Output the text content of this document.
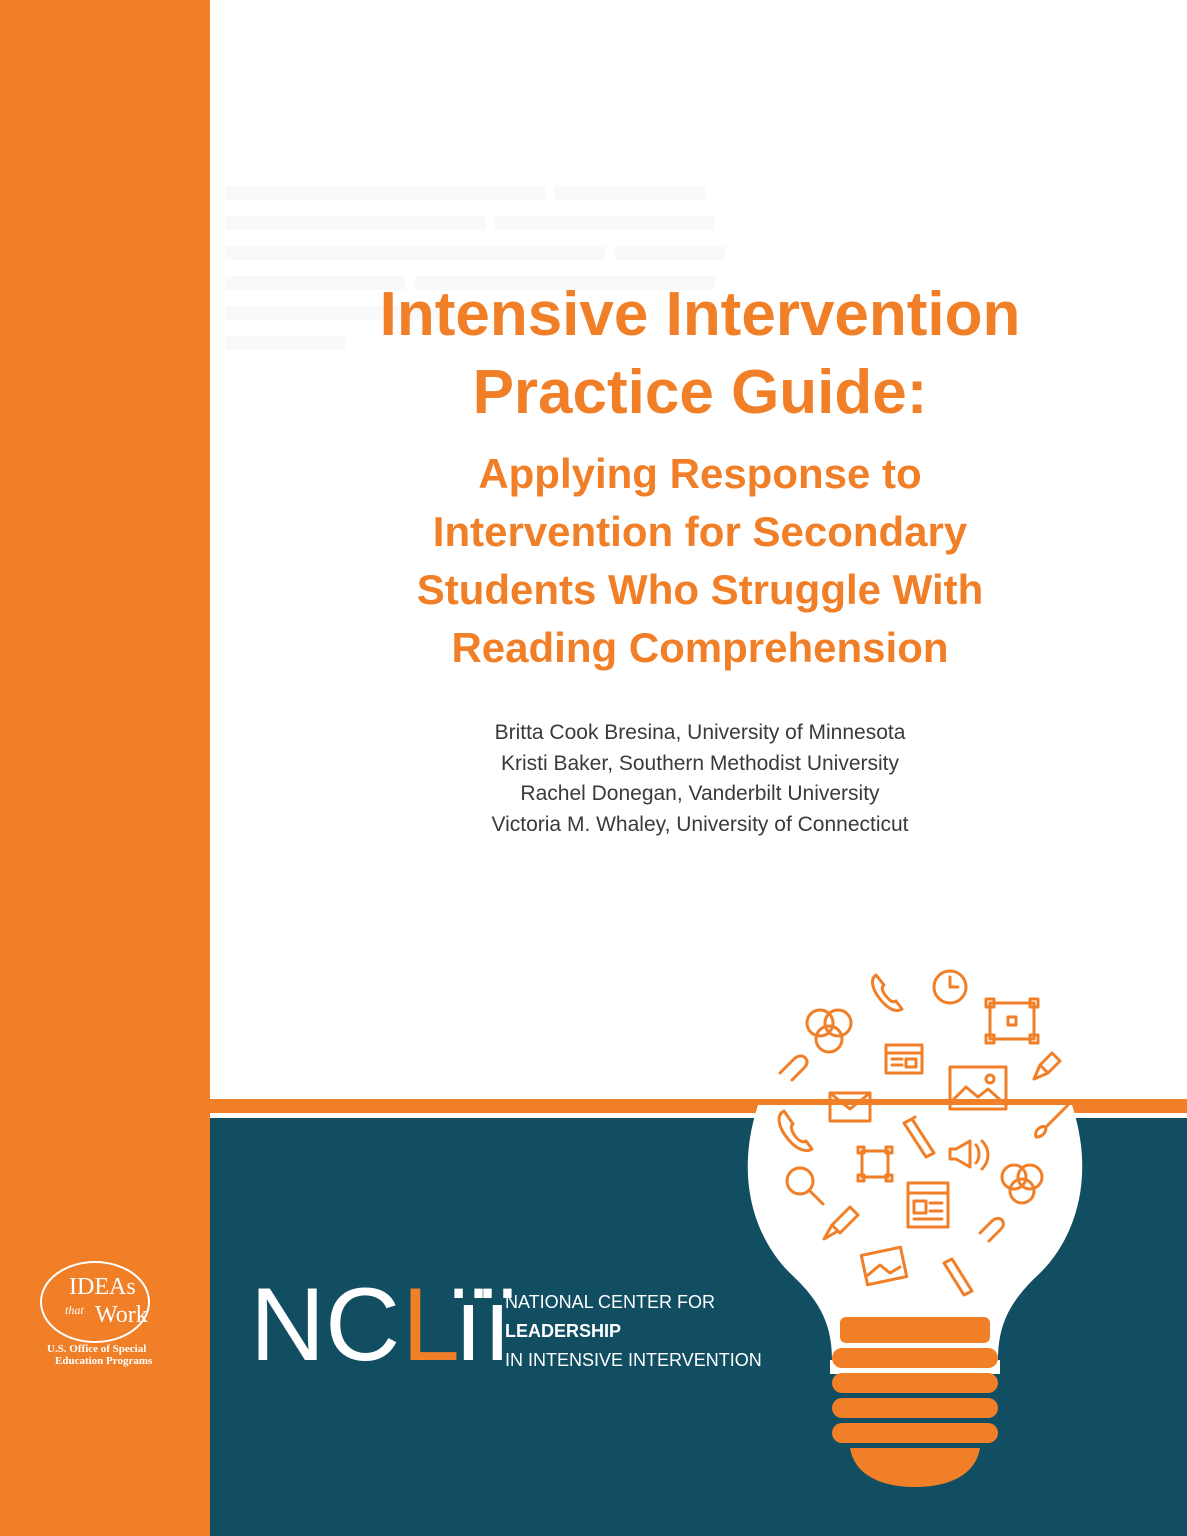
Intensive Intervention
Practice Guide:
Applying Response to
Intervention for Secondary
Students Who Struggle With
Reading Comprehension
Britta Cook Bresina, University of Minnesota
Kristi Baker, Southern Methodist University
Rachel Donegan, Vanderbilt University
Victoria M. Whaley, University of Connecticut
IDEAs
that Work
U.S. Office of Special
Education Programs NC L
ïï
NATIONAL CENTER FOR
LEADERSHIP
IN INTENSIVE INTERVENTION
